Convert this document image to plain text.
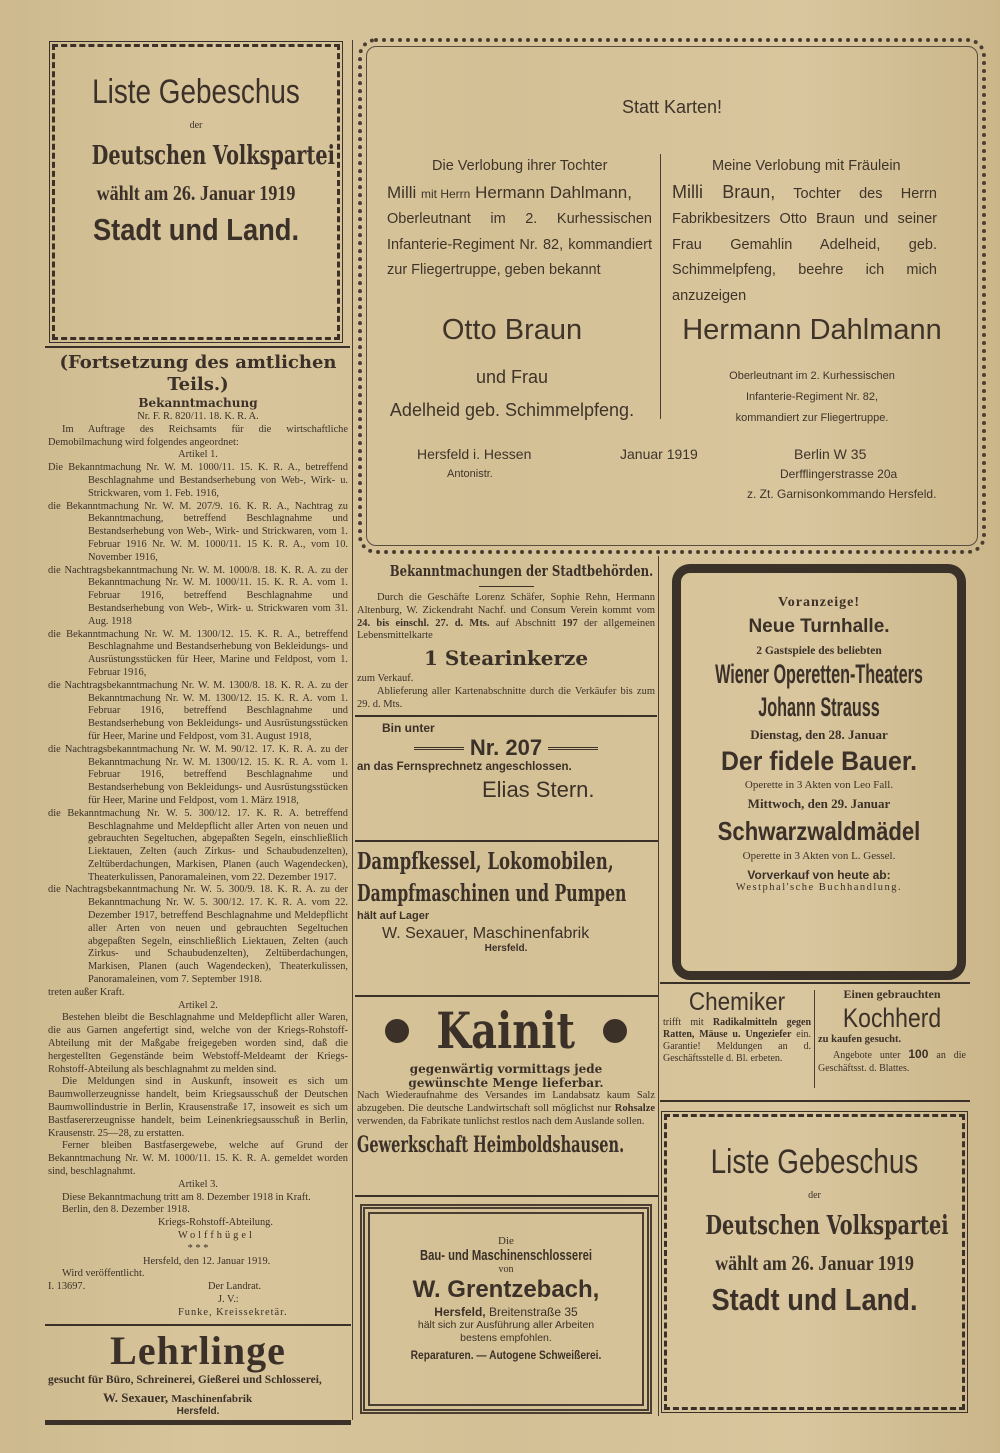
Liste Gebeschus
der
Deutschen Volkspartei
wählt am 26. Januar 1919
Stadt und Land.
(Fortsetzung des amtlichen Teils.)
Bekanntmachung
Nr. F. R. 820/11. 18. K. R. A.
Im Auftrage des Reichsamts für die wirtschaftliche Demobilmachung wird folgendes angeordnet:
Artikel 1.
Die Bekanntmachung Nr. W. M. 1000/11. 15. K. R. A., betreffend Beschlagnahme und Bestandserhebung von Web-, Wirk- u. Strickwaren, vom 1. Feb. 1916,
die Bekanntmachung Nr. W. M. 207/9. 16. K. R. A., Nachtrag zu Bekanntmachung, betreffend Beschlagnahme und Bestandserhebung von Web-, Wirk- und Strickwaren, vom 1. Februar 1916 Nr. W. M. 1000/11. 15 K. R. A., vom 10. November 1916,
die Nachtragsbekanntmachung Nr. W. M. 1000/8. 18. K. R. A. zu der Bekanntmachung Nr. W. M. 1000/11. 15. K. R. A. vom 1. Februar 1916, betreffend Beschlagnahme und Bestandserhebung von Web-, Wirk- u. Strickwaren vom 31. Aug. 1918
die Bekanntmachung Nr. W. M. 1300/12. 15. K. R. A., betreffend Beschlagnahme und Bestandserhebung von Bekleidungs- und Ausrüstungsstücken für Heer, Marine und Feldpost, vom 1. Februar 1916,
die Nachtragsbekanntmachung Nr. W. M. 1300/8. 18. K. R. A. zu der Bekanntmachung Nr. W. M. 1300/12. 15. K. R. A. vom 1. Februar 1916, betreffend Beschlagnahme und Bestandserhebung von Bekleidungs- und Ausrüstungsstücken für Heer, Marine und Feldpost, vom 31. August 1918,
die Nachtragsbekanntmachung Nr. W. M. 90/12. 17. K. R. A. zu der Bekanntmachung Nr. W. M. 1300/12. 15. K. R. A. vom 1. Februar 1916, betreffend Beschlagnahme und Bestandserhebung von Bekleidungs- und Ausrüstungsstücken für Heer, Marine und Feldpost, vom 1. März 1918,
die Bekanntmachung Nr. W. 5. 300/12. 17. K. R. A. betreffend Beschlagnahme und Meldepflicht aller Arten von neuen und gebrauchten Segeltuchen, abgepaßten Segeln, einschließlich Liektauen, Zelten (auch Zirkus- und Schaubudenzelten), Zeltüberdachungen, Markisen, Planen (auch Wagendecken), Theaterkulissen, Panoramaleinen, vom 22. Dezember 1917.
die Nachtragsbekanntmachung Nr. W. 5. 300/9. 18. K. R. A. zu der Bekanntmachung Nr. W. 5. 300/12. 17. K. R. A. vom 22. Dezember 1917, betreffend Beschlagnahme und Meldepflicht aller Arten von neuen und gebrauchten Segeltuchen abgepaßten Segeln, einschließlich Liektauen, Zelten (auch Zirkus- und Schaubudenzelten), Zeltüberdachungen, Markisen, Planen (auch Wagendecken), Theaterkulissen, Panoramaleinen, vom 7. September 1918.
treten außer Kraft.
Artikel 2.
Bestehen bleibt die Beschlagnahme und Meldepflicht aller Waren, die aus Garnen angefertigt sind, welche von der Kriegs-Rohstoff-Abteilung mit der Maßgabe freigegeben worden sind, daß die hergestellten Gegenstände beim Webstoff-Meldeamt der Kriegs-Rohstoff-Abteilung als beschlagnahmt zu melden sind.
Die Meldungen sind in Auskunft, insoweit es sich um Baumwollerzeugnisse handelt, beim Kriegsausschuß der Deutschen Baumwollindustrie in Berlin, Krausenstraße 17, insoweit es sich um Bastfasererzeugnisse handelt, beim Leinenkriegsausschuß in Berlin, Krausenstr. 25—28, zu erstatten.
Ferner bleiben Bastfasergewebe, welche auf Grund der Bekanntmachung Nr. W. M. 1000/11. 15. K. R. A. gemeldet worden sind, beschlagnahmt.
Artikel 3.
Diese Bekanntmachung tritt am 8. Dezember 1918 in Kraft.
Berlin, den 8. Dezember 1918.
Kriegs-Rohstoff-Abteilung.
Wolffhügel
* * *
Hersfeld, den 12. Januar 1919.
Wird veröffentlicht.
I. 13697.	Der Landrat.
J. V.:
Funke, Kreissekretär.
Lehrlinge
gesucht für Büro, Schreinerei, Gießerei und Schlosserei,
W. Sexauer, Maschinenfabrik
Hersfeld.
Statt Karten!
Die Verlobung ihrer Tochter
Milli mit Herrn Hermann Dahlmann,
Oberleutnant im 2. Kurhessischen Infanterie-Regiment Nr. 82, kommandiert zur Fliegertruppe, geben bekannt
Meine Verlobung mit Fräulein
Milli Braun, Tochter des Herrn Fabrikbesitzers Otto Braun und seiner Frau Gemahlin Adelheid, geb. Schimmelpfeng, beehre ich mich anzuzeigen
Otto Braun
und Frau
Adelheid geb. Schimmelpfeng.
Hermann Dahlmann
Oberleutnant im 2. Kurhessischen
Infanterie-Regiment Nr. 82,
kommandiert zur Fliegertruppe.
Hersfeld i. Hessen
Antonistr.
Januar 1919	Berlin W 35
Derfflingerstrasse 20a
z. Zt. Garnisonkommando Hersfeld.
Bekanntmachungen der Stadtbehörden.
Durch die Geschäfte Lorenz Schäfer, Sophie Rehn, Hermann Altenburg, W. Zickendraht Nachf. und Consum Verein kommt vom 24. bis einschl. 27. d. Mts. auf Abschnitt 197 der allgemeinen Lebensmittelkarte
1 Stearinkerze
zum Verkauf.
Ablieferung aller Kartenabschnitte durch die Verkäufer bis zum 29. d. Mts.
Bin unter
Nr. 207
an das Fernsprechnetz angeschlossen.
Elias Stern.
Dampfkessel, Lokomobilen,
Dampfmaschinen und Pumpen
hält auf Lager
W. Sexauer, Maschinenfabrik
Hersfeld.
Kainit
gegenwärtig vormittags jede gewünschte Menge lieferbar.
Nach Wiederaufnahme des Versandes im Landabsatz kaum Salz abzugeben. Die deutsche Landwirtschaft soll möglichst nur Rohsalze verwenden, da Fabrikate tunlichst restlos nach dem Auslande sollen.
Gewerkschaft Heimboldshausen.
Die
Bau- und Maschinenschlosserei
von
W. Grentzebach,
Hersfeld, Breitenstraße 35
hält sich zur Ausführung aller Arbeiten bestens empfohlen.
Reparaturen. — Autogene Schweißerei.
Voranzeige!
Neue Turnhalle.
2 Gastspiele des beliebten
Wiener Operetten-Theaters
Johann Strauss
Dienstag, den 28. Januar
Der fidele Bauer.
Operette in 3 Akten von Leo Fall.
Mittwoch, den 29. Januar
Schwarzwaldmädel
Operette in 3 Akten von L. Gessel.
Vorverkauf von heute ab:
Westphal'sche Buchhandlung.
Chemiker
trifft mit Radikalmitteln gegen Ratten, Mäuse u. Ungeziefer ein. Garantie! Meldungen an d. Geschäftsstelle d. Bl. erbeten.
Einen gebrauchten
Kochherd
zu kaufen gesucht.
Angebote unter 100 an die Geschäftsst. d. Blattes.
Liste Gebeschus
der
Deutschen Volkspartei
wählt am 26. Januar 1919
Stadt und Land.
